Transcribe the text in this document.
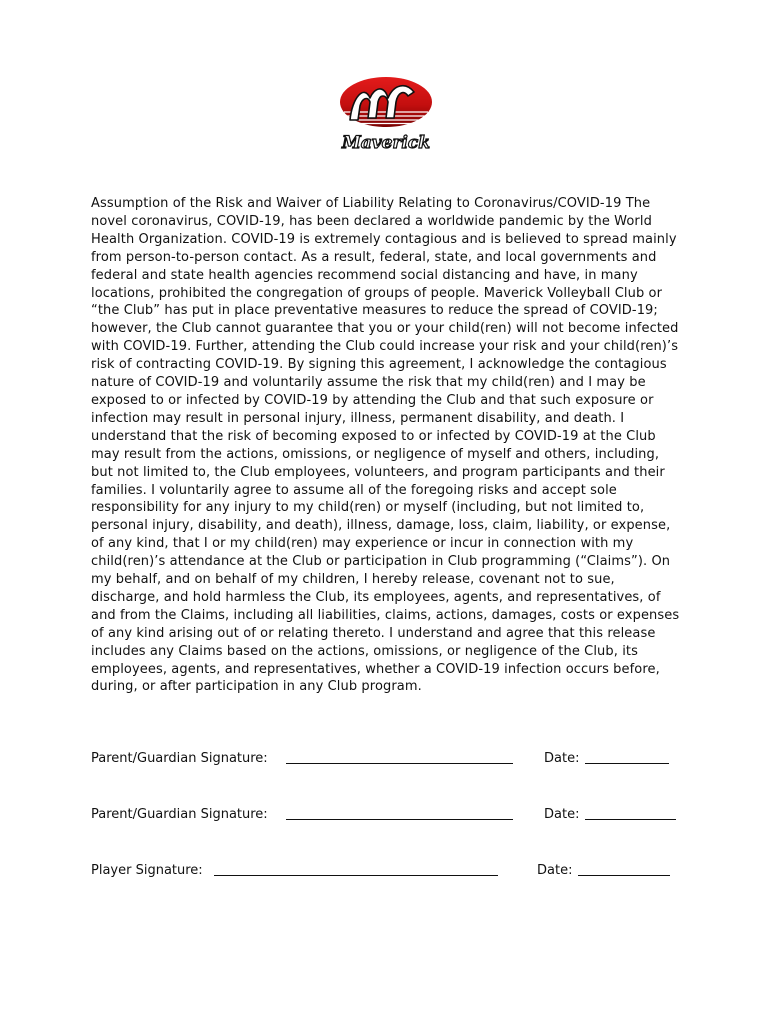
Maverick

Assumption of the Risk and Waiver of Liability Relating to Coronavirus/COVID-19 The novel coronavirus, COVID-19, has been declared a worldwide pandemic by the World Health Organization. COVID-19 is extremely contagious and is believed to spread mainly from person-to-person contact. As a result, federal, state, and local governments and federal and state health agencies recommend social distancing and have, in many locations, prohibited the congregation of groups of people. Maverick Volleyball Club or “the Club” has put in place preventative measures to reduce the spread of COVID-19; however, the Club cannot guarantee that you or your child(ren) will not become infected with COVID-19. Further, attending the Club could increase your risk and your child(ren)’s risk of contracting COVID-19. By signing this agreement, I acknowledge the contagious nature of COVID-19 and voluntarily assume the risk that my child(ren) and I may be exposed to or infected by COVID-19 by attending the Club and that such exposure or infection may result in personal injury, illness, permanent disability, and death. I understand that the risk of becoming exposed to or infected by COVID-19 at the Club may result from the actions, omissions, or negligence of myself and others, including, but not limited to, the Club employees, volunteers, and program participants and their families. I voluntarily agree to assume all of the foregoing risks and accept sole responsibility for any injury to my child(ren) or myself (including, but not limited to, personal injury, disability, and death), illness, damage, loss, claim, liability, or expense, of any kind, that I or my child(ren) may experience or incur in connection with my child(ren)’s attendance at the Club or participation in Club programming (“Claims”). On my behalf, and on behalf of my children, I hereby release, covenant not to sue, discharge, and hold harmless the Club, its employees, agents, and representatives, of and from the Claims, including all liabilities, claims, actions, damages, costs or expenses of any kind arising out of or relating thereto. I understand and agree that this release includes any Claims based on the actions, omissions, or negligence of the Club, its employees, agents, and representatives, whether a COVID-19 infection occurs before, during, or after participation in any Club program.

Parent/Guardian Signature:	Date:
Parent/Guardian Signature:	Date:
Player Signature:	Date:
